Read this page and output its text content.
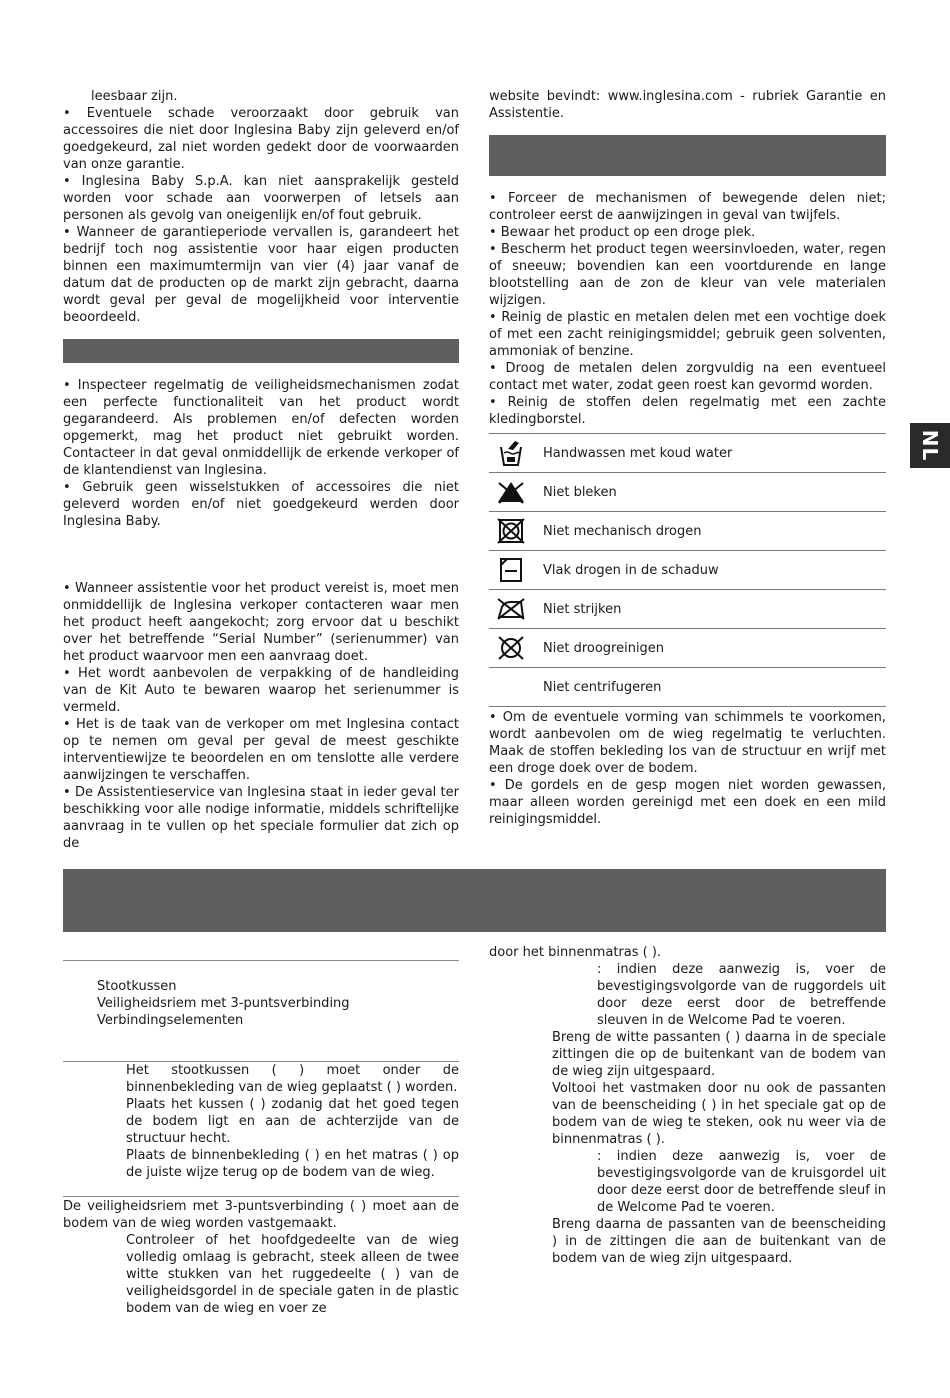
NL

leesbaar zijn.

• Eventuele schade veroorzaakt door gebruik van accessoires die niet door Inglesina Baby zijn geleverd en/of goedgekeurd, zal niet worden gedekt door de voorwaarden van onze garantie.

• Inglesina Baby S.p.A. kan niet aansprakelijk gesteld worden voor schade aan voorwerpen of letsels aan personen als gevolg van oneigenlijk en/of fout gebruik.

• Wanneer de garantieperiode vervallen is, garandeert het bedrijf toch nog assistentie voor haar eigen producten binnen een maximumtermijn van vier (4) jaar vanaf de datum dat de producten op de markt zijn gebracht, daarna wordt geval per geval de mogelijkheid voor interventie beoordeeld.

• Inspecteer regelmatig de veiligheidsmechanismen zodat een perfecte functionaliteit van het product wordt gegarandeerd. Als problemen en/of defecten worden opgemerkt, mag het product niet gebruikt worden. Contacteer in dat geval onmiddellijk de erkende verkoper of de klantendienst van Inglesina.

• Gebruik geen wisselstukken of accessoires die niet geleverd worden en/of niet goedgekeurd werden door Inglesina Baby.

• Wanneer assistentie voor het product vereist is, moet men onmiddellijk de Inglesina verkoper contacteren waar men het product heeft aangekocht; zorg ervoor dat u beschikt over het betreffende “Serial Number” (serienummer) van het product waarvoor men een aanvraag doet.

• Het wordt aanbevolen de verpakking of de handleiding van de Kit Auto te bewaren waarop het serienummer is vermeld.

• Het is de taak van de verkoper om met Inglesina contact op te nemen om geval per geval de meest geschikte interventiewijze te beoordelen en om tenslotte alle verdere aanwijzingen te verschaffen.

• De Assistentieservice van Inglesina staat in ieder geval ter beschikking voor alle nodige informatie, middels schriftelijke aanvraag in te vullen op het speciale formulier dat zich op de

website bevindt: www.inglesina.com - rubriek Garantie en Assistentie.

• Forceer de mechanismen of bewegende delen niet; controleer eerst de aanwijzingen in geval van twijfels.

• Bewaar het product op een droge plek.

• Bescherm het product tegen weersinvloeden, water, regen of sneeuw; bovendien kan een voortdurende en lange blootstelling aan de zon de kleur van vele materialen wijzigen.

• Reinig de plastic en metalen delen met een vochtige doek of met een zacht reinigingsmiddel; gebruik geen solventen, ammoniak of benzine.

• Droog de metalen delen zorgvuldig na een eventueel contact met water, zodat geen roest kan gevormd worden.

• Reinig de stoffen delen regelmatig met een zachte kledingborstel.

Handwassen met koud water
Niet bleken
Niet mechanisch drogen
Vlak drogen in de schaduw
Niet strijken
Niet droogreinigen
Niet centrifugeren

• Om de eventuele vorming van schimmels te voorkomen, wordt aanbevolen om de wieg regelmatig te verluchten. Maak de stoffen bekleding los van de structuur en wrijf met een droge doek over de bodem.

• De gordels en de gesp mogen niet worden gewassen, maar alleen worden gereinigd met een doek en een mild reinigingsmiddel.

Stootkussen

Veiligheidsriem met 3-puntsverbinding

Verbindingselementen

Het stootkussen ( ) moet onder de binnenbekleding van de wieg geplaatst ( ) worden.

Plaats het kussen ( ) zodanig dat het goed tegen de bodem ligt en aan de achterzijde van de structuur hecht.

Plaats de binnenbekleding ( ) en het matras ( ) op de juiste wijze terug op de bodem van de wieg.

De veiligheidsriem met 3-puntsverbinding ( ) moet aan de bodem van de wieg worden vastgemaakt.

Controleer of het hoofdgedeelte van de wieg volledig omlaag is gebracht, steek alleen de twee witte stukken van het ruggedeelte ( ) van de veiligheidsgordel in de speciale gaten in de plastic bodem van de wieg en voer ze

door het binnenmatras ( ).

: indien deze aanwezig is, voer de bevestigingsvolgorde van de ruggordels uit door deze eerst door de betreffende sleuven in de Welcome Pad te voeren.

Breng de witte passanten ( ) daarna in de speciale zittingen die op de buitenkant van de bodem van de wieg zijn uitgespaard.

Voltooi het vastmaken door nu ook de passanten van de beenscheiding ( ) in het speciale gat op de bodem van de wieg te steken, ook nu weer via de binnenmatras ( ).

: indien deze aanwezig is, voer de bevestigingsvolgorde van de kruisgordel uit door deze eerst door de betreffende sleuf in de Welcome Pad te voeren.

Breng daarna de passanten van de beenscheiding ) in de zittingen die aan de buitenkant van de bodem van de wieg zijn uitgespaard.
